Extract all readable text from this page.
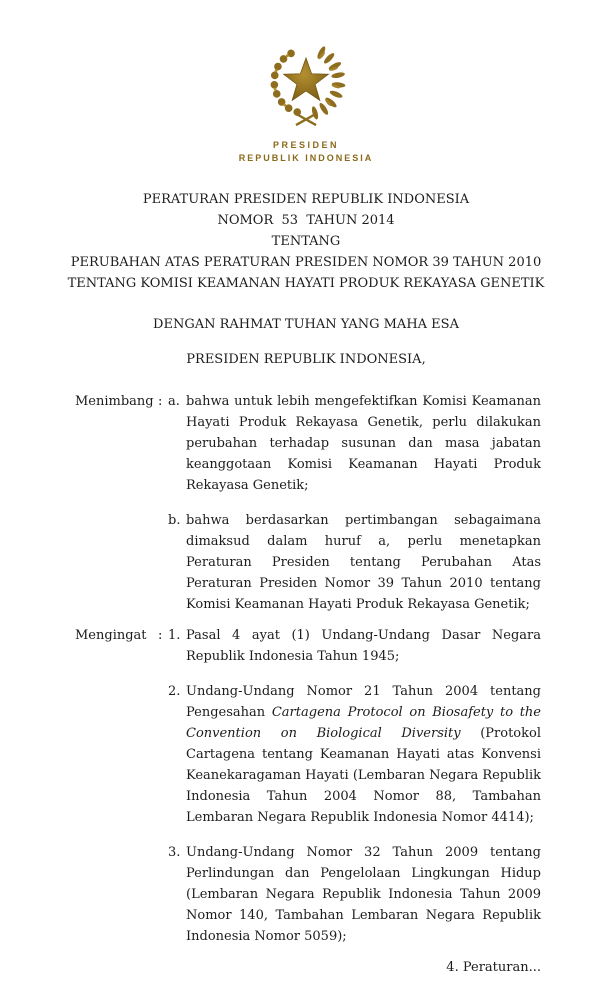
PRESIDEN
REPUBLIK INDONESIA
PERATURAN PRESIDEN REPUBLIK INDONESIA
NOMOR  53  TAHUN 2014
TENTANG
PERUBAHAN ATAS PERATURAN PRESIDEN NOMOR 39 TAHUN 2010
TENTANG KOMISI KEAMANAN HAYATI PRODUK REKAYASA GENETIK

DENGAN RAHMAT TUHAN YANG MAHA ESA

PRESIDEN REPUBLIK INDONESIA,

Menimbang : a. bahwa untuk lebih mengefektifkan Komisi Keamanan Hayati Produk Rekayasa Genetik, perlu dilakukan perubahan terhadap susunan dan masa jabatan keanggotaan Komisi Keamanan Hayati Produk Rekayasa Genetik;
b. bahwa berdasarkan pertimbangan sebagaimana dimaksud dalam huruf a, perlu menetapkan Peraturan Presiden tentang Perubahan Atas Peraturan Presiden Nomor 39 Tahun 2010 tentang Komisi Keamanan Hayati Produk Rekayasa Genetik;
Mengingat : 1. Pasal 4 ayat (1) Undang-Undang Dasar Negara Republik Indonesia Tahun 1945;
2. Undang-Undang Nomor 21 Tahun 2004 tentang Pengesahan Cartagena Protocol on Biosafety to the Convention on Biological Diversity (Protokol Cartagena tentang Keamanan Hayati atas Konvensi Keanekaragaman Hayati (Lembaran Negara Republik Indonesia Tahun 2004 Nomor 88, Tambahan Lembaran Negara Republik Indonesia Nomor 4414);
3. Undang-Undang Nomor 32 Tahun 2009 tentang Perlindungan dan Pengelolaan Lingkungan Hidup (Lembaran Negara Republik Indonesia Tahun 2009 Nomor 140, Tambahan Lembaran Negara Republik Indonesia Nomor 5059);
4. Peraturan...
